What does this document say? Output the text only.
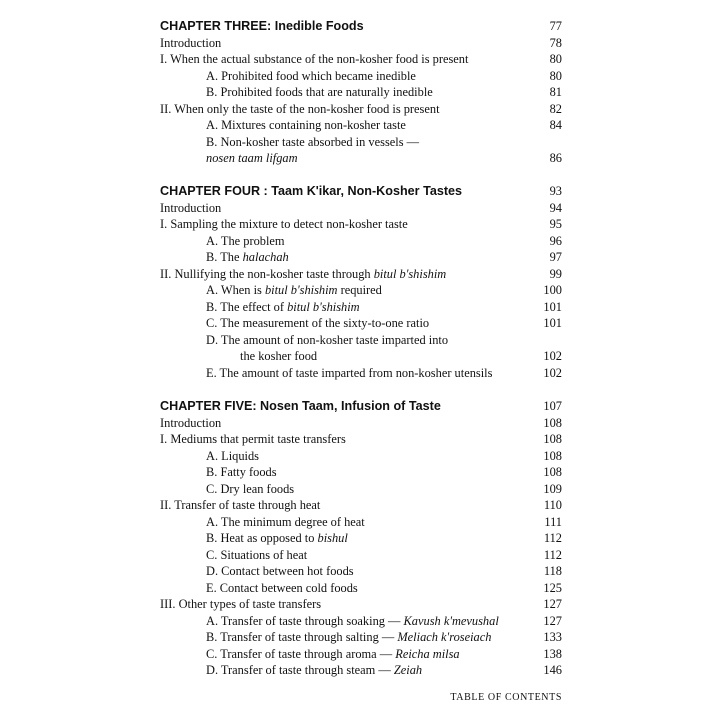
CHAPTER THREE: Inedible Foods	77
Introduction	78
I. When the actual substance of the non-kosher food is present	80
A. Prohibited food which became inedible	80
B. Prohibited foods that are naturally inedible	81
II. When only the taste of the non-kosher food is present	82
A. Mixtures containing non-kosher taste	84
B. Non-kosher taste absorbed in vessels —
nosen taam lifgam	86
CHAPTER FOUR : Taam K'ikar, Non-Kosher Tastes	93
Introduction	94
I. Sampling the mixture to detect non-kosher taste	95
A. The problem	96
B. The halachah	97
II. Nullifying the non-kosher taste through bitul b'shishim	99
A. When is bitul b'shishim required	100
B. The effect of bitul b'shishim	101
C. The measurement of the sixty-to-one ratio	101
D. The amount of non-kosher taste imparted into
the kosher food	102
E. The amount of taste imparted from non-kosher utensils	102
CHAPTER FIVE: Nosen Taam, Infusion of Taste	107
Introduction	108
I. Mediums that permit taste transfers	108
A. Liquids	108
B. Fatty foods	108
C. Dry lean foods	109
II. Transfer of taste through heat	110
A. The minimum degree of heat	111
B. Heat as opposed to bishul	112
C. Situations of heat	112
D. Contact between hot foods	118
E. Contact between cold foods	125
III. Other types of taste transfers	127
A. Transfer of taste through soaking — Kavush k'mevushal	127
B. Transfer of taste through salting — Meliach k'roseiach	133
C. Transfer of taste through aroma — Reicha milsa	138
D. Transfer of taste through steam — Zeiah	146
TABLE OF CONTENTS
